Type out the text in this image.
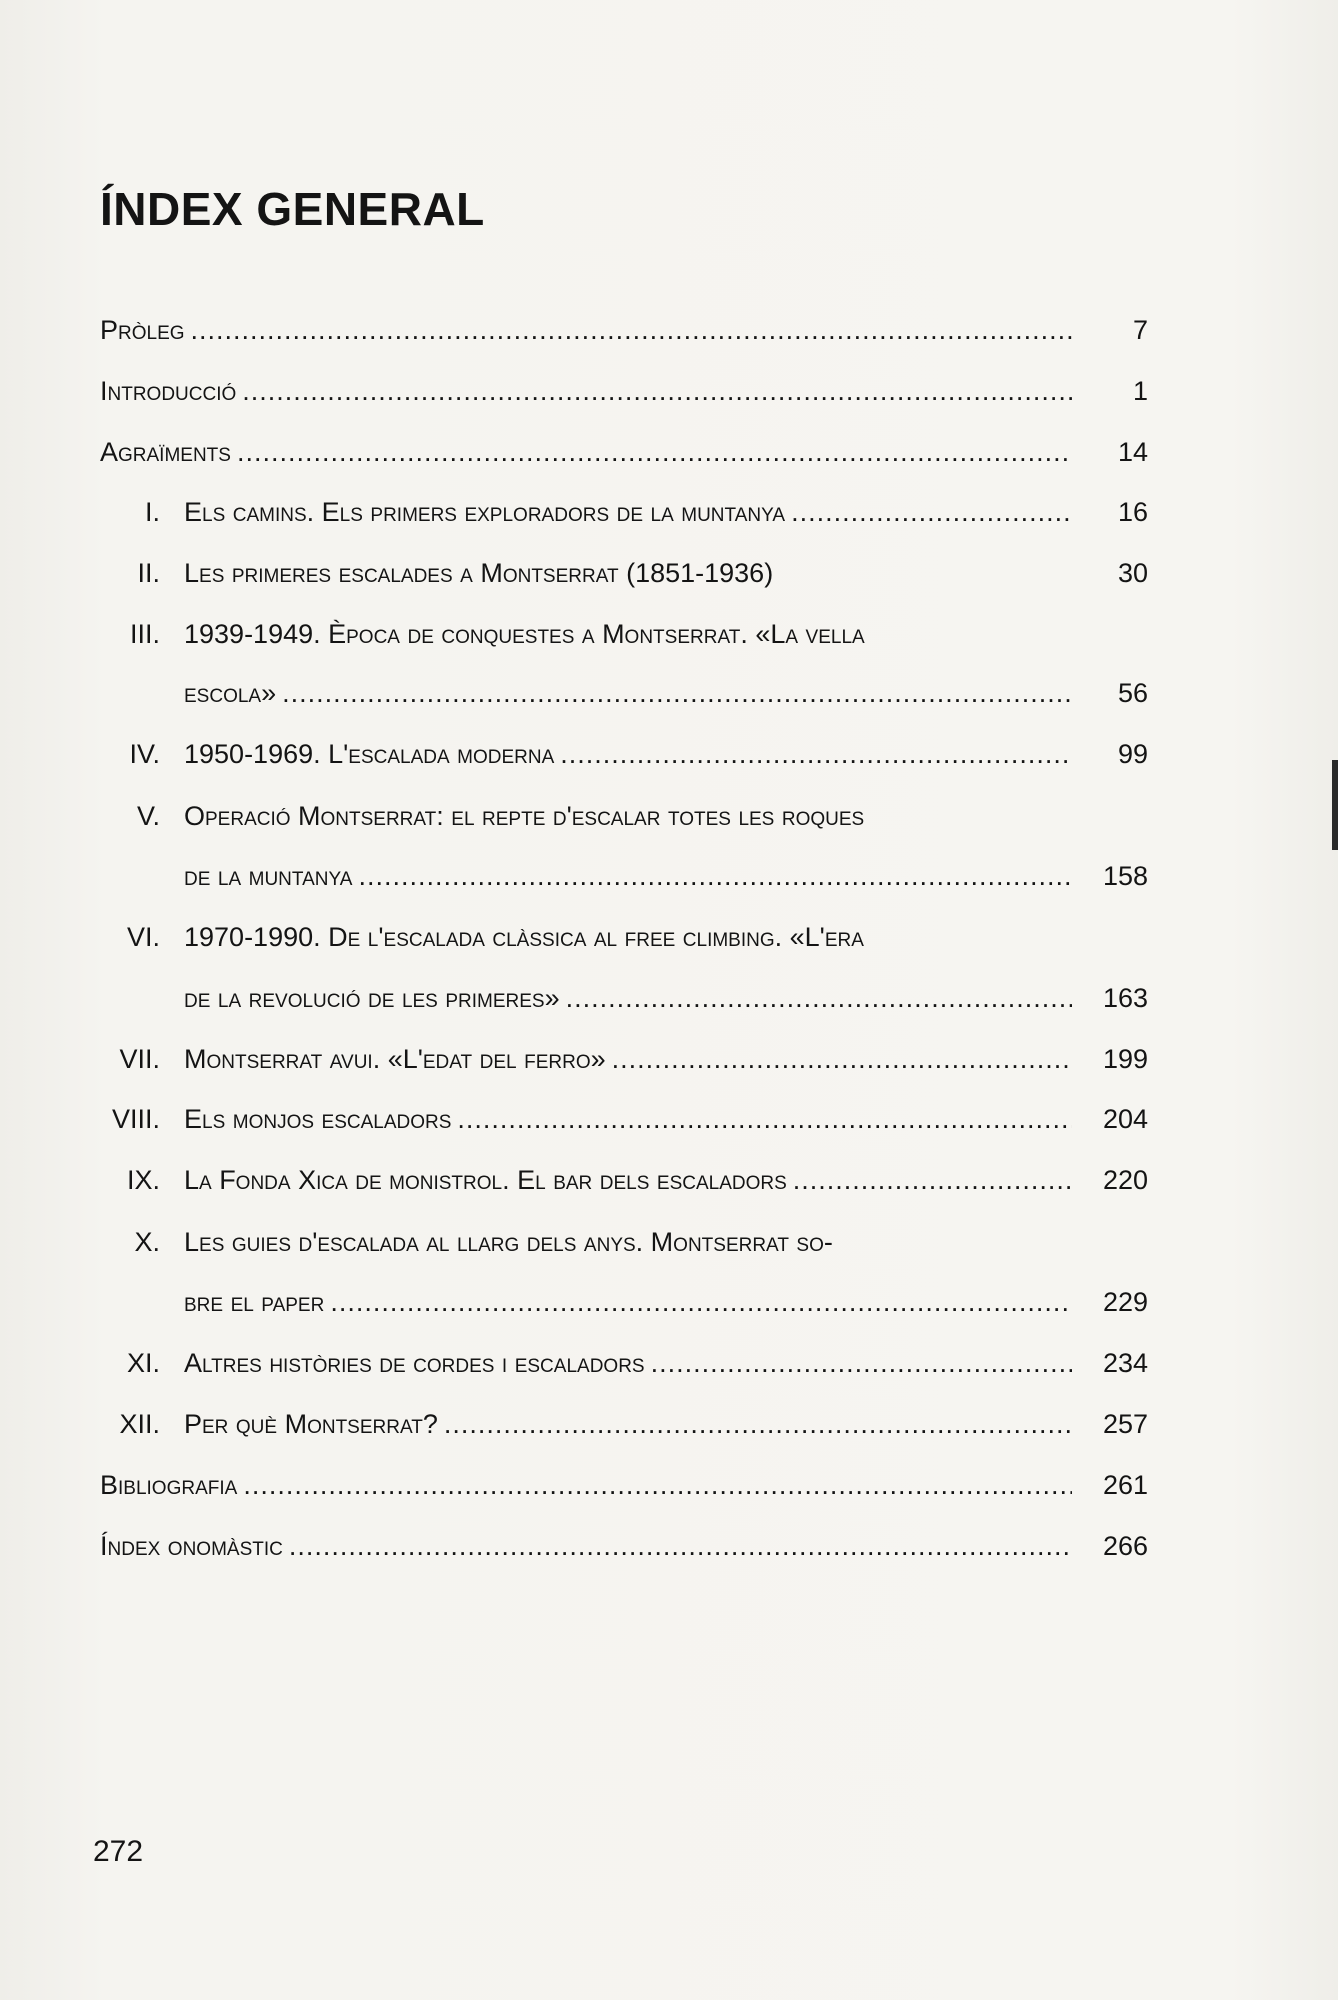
ÍNDEX GENERAL
Pròleg .....	7
Introducció .....	1
Agraïments .....	14
I. Els camins. Els primers exploradors de la muntanya .....	16
II. Les primeres escalades a Montserrat (1851-1936)	30
III. 1939-1949. Època de conquestes a Montserrat. «La vella
escola» .....	56
IV. 1950-1969. L'escalada moderna .....	99
V. Operació Montserrat: el repte d'escalar totes les roques
de la muntanya .....	158
VI. 1970-1990. De l'escalada clàssica al free climbing. «L'era
de la revolució de les primeres» .....	163
VII. Montserrat avui. «L'edat del ferro» .....	199
VIII. Els monjos escaladors .....	204
IX. La Fonda Xica de monistrol. El bar dels escaladors .....	220
X. Les guies d'escalada al llarg dels anys. Montserrat so-
bre el paper .....	229
XI. Altres històries de cordes i escaladors .....	234
XII. Per què Montserrat? .....	257
Bibliografia .....	261
Índex onomàstic .....	266
272
